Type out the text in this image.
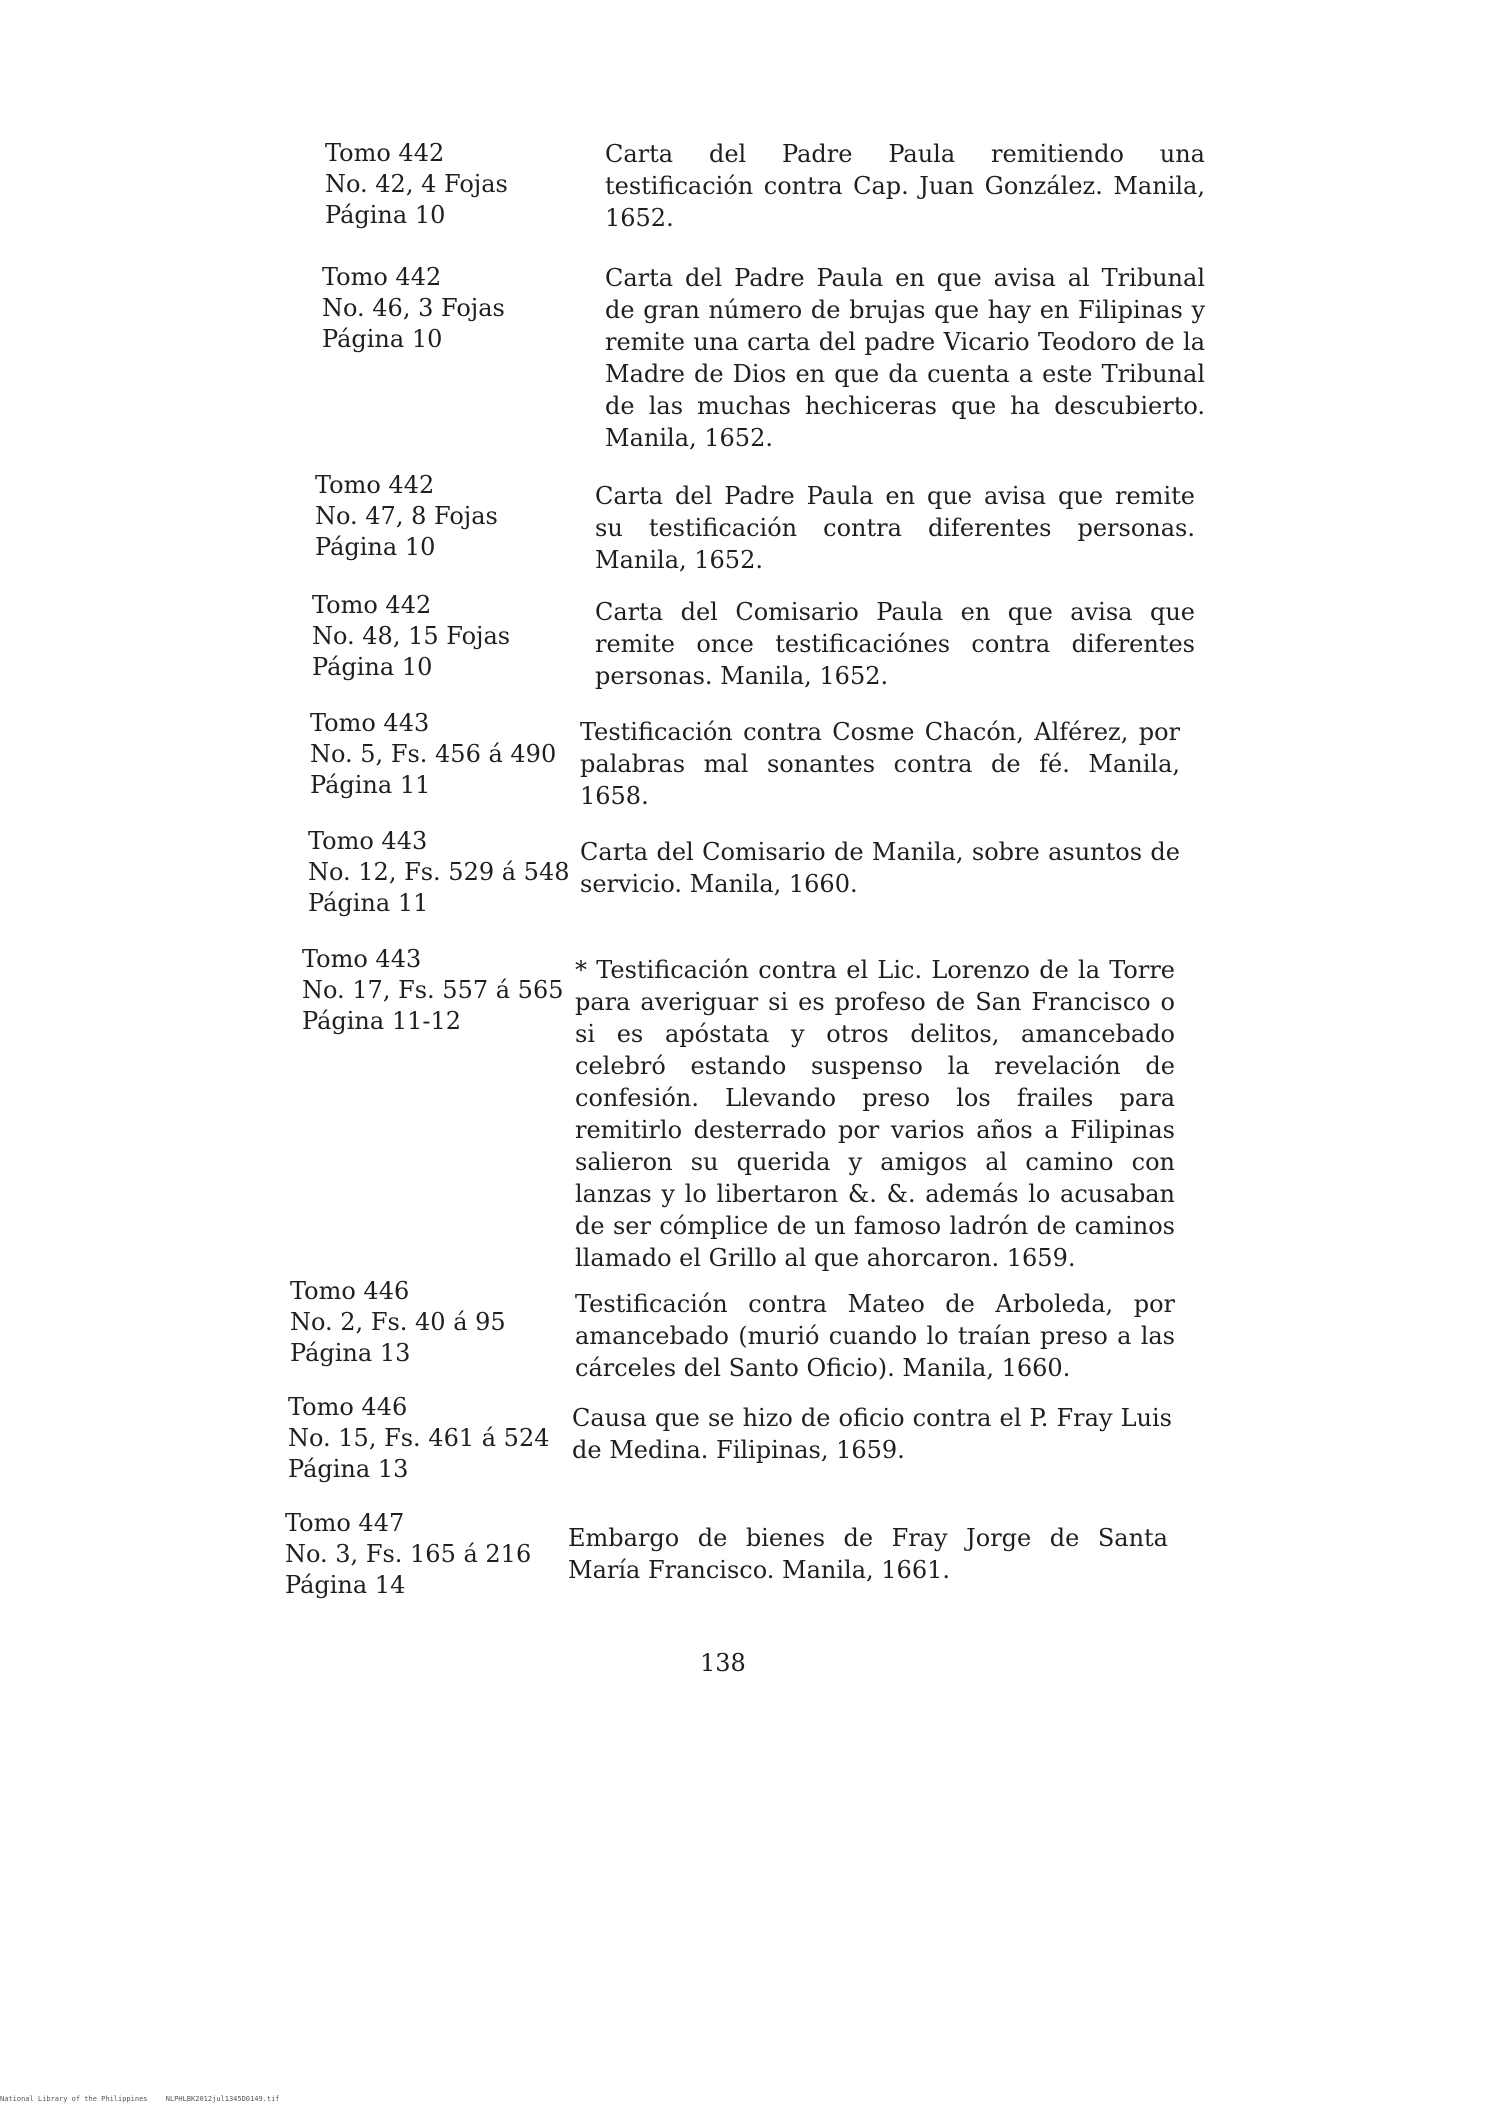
Tomo 442
No. 42, 4 Fojas
Página 10
Carta del Padre Paula remitiendo una testificación contra Cap. Juan González. Manila, 1652.
Tomo 442
No. 46, 3 Fojas
Página 10
Carta del Padre Paula en que avisa al Tribunal de gran número de brujas que hay en Filipinas y remite una carta del padre Vicario Teodoro de la Madre de Dios en que da cuenta a este Tribunal de las muchas hechiceras que ha descubierto. Manila, 1652.
Tomo 442
No. 47, 8 Fojas
Página 10
Carta del Padre Paula en que avisa que remite su testificación contra diferentes personas. Manila, 1652.
Tomo 442
No. 48, 15 Fojas
Página 10
Carta del Comisario Paula en que avisa que remite once testificaciónes contra diferentes personas. Manila, 1652.
Tomo 443
No. 5, Fs. 456 á 490
Página 11
Testificación contra Cosme Chacón, Alférez, por palabras mal sonantes contra de fé. Manila, 1658.
Tomo 443
No. 12, Fs. 529 á 548
Página 11
Carta del Comisario de Manila, sobre asuntos de servicio. Manila, 1660.
Tomo 443
No. 17, Fs. 557 á 565
Página 11-12
* Testificación contra el Lic. Lorenzo de la Torre para averiguar si es profeso de San Francisco o si es apóstata y otros delitos, amancebado celebró estando suspenso la revelación de confesión. Llevando preso los frailes para remitirlo desterrado por varios años a Filipinas salieron su querida y amigos al camino con lanzas y lo libertaron &. &. además lo acusaban de ser cómplice de un famoso ladrón de caminos llamado el Grillo al que ahorcaron. 1659.
Tomo 446
No. 2, Fs. 40 á 95
Página 13
Testificación contra Mateo de Arboleda, por amancebado (murió cuando lo traían preso a las cárceles del Santo Oficio). Manila, 1660.
Tomo 446
No. 15, Fs. 461 á 524
Página 13
Causa que se hizo de oficio contra el P. Fray Luis de Medina. Filipinas, 1659.
Tomo 447
No. 3, Fs. 165 á 216
Página 14
Embargo de bienes de Fray Jorge de Santa María Francisco. Manila, 1661.
138
National Library of the Philippines	NLPHLBK2012jul1345D0149.tif
